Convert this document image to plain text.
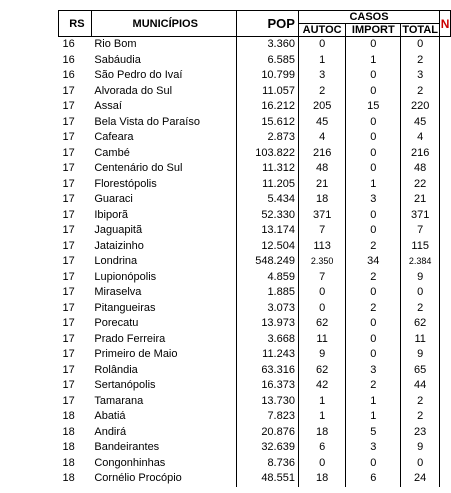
RS	MUNICÍPIOS	POP	CASOS			N
			AUTOC	IMPORT	TOTAL	
16	Rio Bom	3.360	0	0	0	
16	Sabáudia	6.585	1	1	2	
16	São Pedro do Ivaí	10.799	3	0	3	
17	Alvorada do Sul	11.057	2	0	2	
17	Assaí	16.212	205	15	220	
17	Bela Vista do Paraíso	15.612	45	0	45	
17	Cafeara	2.873	4	0	4	
17	Cambé	103.822	216	0	216	
17	Centenário do Sul	11.312	48	0	48	
17	Florestópolis	11.205	21	1	22	
17	Guaraci	5.434	18	3	21	
17	Ibiporã	52.330	371	0	371	
17	Jaguapitã	13.174	7	0	7	
17	Jataizinho	12.504	113	2	115	
17	Londrina	548.249	2.350	34	2.384	
17	Lupionópolis	4.859	7	2	9	
17	Miraselva	1.885	0	0	0	
17	Pitangueiras	3.073	0	2	2	
17	Porecatu	13.973	62	0	62	
17	Prado Ferreira	3.668	11	0	11	
17	Primeiro de Maio	11.243	9	0	9	
17	Rolândia	63.316	62	3	65	
17	Sertanópolis	16.373	42	2	44	
17	Tamarana	13.730	1	1	2	
18	Abatiá	7.823	1	1	2	
18	Andirá	20.876	18	5	23	
18	Bandeirantes	32.639	6	3	9	
18	Congonhinhas	8.736	0	0	0	
18	Cornélio Procópio	48.551	18	6	24	
